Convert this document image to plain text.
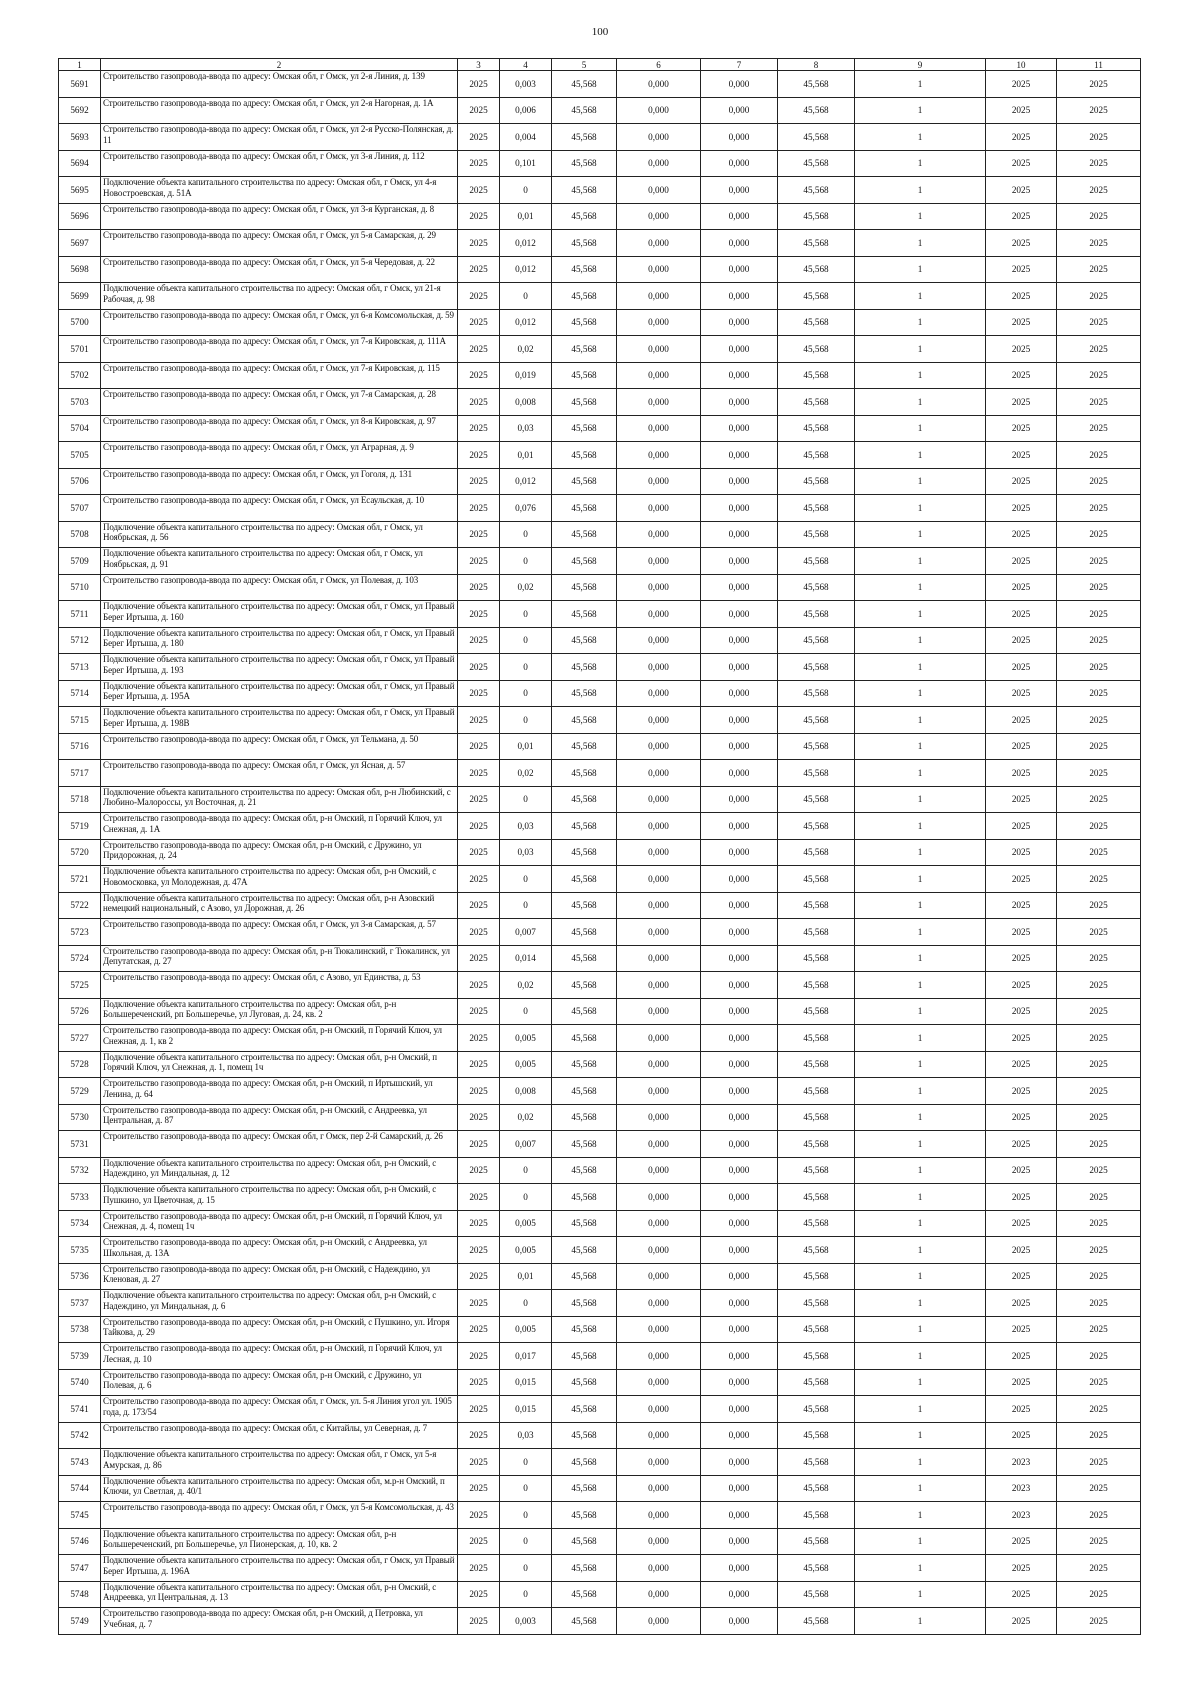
100
1	2	3	4	5	6	7	8	9	10	11
5691	Строительство газопровода-ввода по адресу: Омская обл, г Омск, ул 2-я Линия, д. 139	2025	0,003	45,568	0,000	0,000	45,568	1	2025	2025
5692	Строительство газопровода-ввода по адресу: Омская обл, г Омск, ул 2-я Нагорная, д. 1А	2025	0,006	45,568	0,000	0,000	45,568	1	2025	2025
5693	Строительство газопровода-ввода по адресу: Омская обл, г Омск, ул 2-я Русско-Полянская, д. 11	2025	0,004	45,568	0,000	0,000	45,568	1	2025	2025
5694	Строительство газопровода-ввода по адресу: Омская обл, г Омск, ул 3-я Линия, д. 112	2025	0,101	45,568	0,000	0,000	45,568	1	2025	2025
5695	Подключение объекта капитального строительства по адресу: Омская обл, г Омск, ул 4-я Новостроевская, д. 51А	2025	0	45,568	0,000	0,000	45,568	1	2025	2025
5696	Строительство газопровода-ввода по адресу: Омская обл, г Омск, ул 3-я Курганская, д. 8	2025	0,01	45,568	0,000	0,000	45,568	1	2025	2025
5697	Строительство газопровода-ввода по адресу: Омская обл, г Омск, ул 5-я Самарская, д. 29	2025	0,012	45,568	0,000	0,000	45,568	1	2025	2025
5698	Строительство газопровода-ввода по адресу: Омская обл, г Омск, ул 5-я Чередовая, д. 22	2025	0,012	45,568	0,000	0,000	45,568	1	2025	2025
5699	Подключение объекта капитального строительства по адресу: Омская обл, г Омск, ул 21-я Рабочая, д. 98	2025	0	45,568	0,000	0,000	45,568	1	2025	2025
5700	Строительство газопровода-ввода по адресу: Омская обл, г Омск, ул 6-я Комсомольская, д. 59	2025	0,012	45,568	0,000	0,000	45,568	1	2025	2025
5701	Строительство газопровода-ввода по адресу: Омская обл, г Омск, ул 7-я Кировская, д. 111А	2025	0,02	45,568	0,000	0,000	45,568	1	2025	2025
5702	Строительство газопровода-ввода по адресу: Омская обл, г Омск, ул 7-я Кировская, д. 115	2025	0,019	45,568	0,000	0,000	45,568	1	2025	2025
5703	Строительство газопровода-ввода по адресу: Омская обл, г Омск, ул 7-я Самарская, д. 28	2025	0,008	45,568	0,000	0,000	45,568	1	2025	2025
5704	Строительство газопровода-ввода по адресу: Омская обл, г Омск, ул 8-я Кировская, д. 97	2025	0,03	45,568	0,000	0,000	45,568	1	2025	2025
5705	Строительство газопровода-ввода по адресу: Омская обл, г Омск, ул Аграрная, д. 9	2025	0,01	45,568	0,000	0,000	45,568	1	2025	2025
5706	Строительство газопровода-ввода по адресу: Омская обл, г Омск, ул Гоголя, д. 131	2025	0,012	45,568	0,000	0,000	45,568	1	2025	2025
5707	Строительство газопровода-ввода по адресу: Омская обл, г Омск, ул Есаульская, д. 10	2025	0,076	45,568	0,000	0,000	45,568	1	2025	2025
5708	Подключение объекта капитального строительства по адресу: Омская обл, г Омск, ул Ноябрьская, д. 56	2025	0	45,568	0,000	0,000	45,568	1	2025	2025
5709	Подключение объекта капитального строительства по адресу: Омская обл, г Омск, ул Ноябрьская, д. 91	2025	0	45,568	0,000	0,000	45,568	1	2025	2025
5710	Строительство газопровода-ввода по адресу: Омская обл, г Омск, ул Полевая, д. 103	2025	0,02	45,568	0,000	0,000	45,568	1	2025	2025
5711	Подключение объекта капитального строительства по адресу: Омская обл, г Омск, ул Правый Берег Иртыша, д. 160	2025	0	45,568	0,000	0,000	45,568	1	2025	2025
5712	Подключение объекта капитального строительства по адресу: Омская обл, г Омск, ул Правый Берег Иртыша, д. 180	2025	0	45,568	0,000	0,000	45,568	1	2025	2025
5713	Подключение объекта капитального строительства по адресу: Омская обл, г Омск, ул Правый Берег Иртыша, д. 193	2025	0	45,568	0,000	0,000	45,568	1	2025	2025
5714	Подключение объекта капитального строительства по адресу: Омская обл, г Омск, ул Правый Берег Иртыша, д. 195А	2025	0	45,568	0,000	0,000	45,568	1	2025	2025
5715	Подключение объекта капитального строительства по адресу: Омская обл, г Омск, ул Правый Берег Иртыша, д. 198В	2025	0	45,568	0,000	0,000	45,568	1	2025	2025
5716	Строительство газопровода-ввода по адресу: Омская обл, г Омск, ул Тельмана, д. 50	2025	0,01	45,568	0,000	0,000	45,568	1	2025	2025
5717	Строительство газопровода-ввода по адресу: Омская обл, г Омск, ул Ясная, д. 57	2025	0,02	45,568	0,000	0,000	45,568	1	2025	2025
5718	Подключение объекта капитального строительства по адресу: Омская обл, р-н Любинский, с Любино-Малороссы, ул Восточная, д. 21	2025	0	45,568	0,000	0,000	45,568	1	2025	2025
5719	Строительство газопровода-ввода по адресу: Омская обл, р-н Омский, п Горячий Ключ, ул Снежная, д. 1А	2025	0,03	45,568	0,000	0,000	45,568	1	2025	2025
5720	Строительство газопровода-ввода по адресу: Омская обл, р-н Омский, с Дружино, ул Придорожная, д. 24	2025	0,03	45,568	0,000	0,000	45,568	1	2025	2025
5721	Подключение объекта капитального строительства по адресу: Омская обл, р-н Омский, с Новомосковка, ул Молодежная, д. 47А	2025	0	45,568	0,000	0,000	45,568	1	2025	2025
5722	Подключение объекта капитального строительства по адресу: Омская обл, р-н Азовский немецкий национальный, с Азово, ул Дорожная, д. 26	2025	0	45,568	0,000	0,000	45,568	1	2025	2025
5723	Строительство газопровода-ввода по адресу: Омская обл, г Омск, ул 3-я Самарская, д. 57	2025	0,007	45,568	0,000	0,000	45,568	1	2025	2025
5724	Строительство газопровода-ввода по адресу: Омская обл, р-н Тюкалинский, г Тюкалинск, ул Депутатская, д. 27	2025	0,014	45,568	0,000	0,000	45,568	1	2025	2025
5725	Строительство газопровода-ввода по адресу: Омская обл, с Азово, ул Единства, д. 53	2025	0,02	45,568	0,000	0,000	45,568	1	2025	2025
5726	Подключение объекта капитального строительства по адресу: Омская обл, р-н Большереченский, рп Большеречье, ул Луговая, д. 24, кв. 2	2025	0	45,568	0,000	0,000	45,568	1	2025	2025
5727	Строительство газопровода-ввода по адресу: Омская обл, р-н Омский, п Горячий Ключ, ул Снежная, д. 1, кв 2	2025	0,005	45,568	0,000	0,000	45,568	1	2025	2025
5728	Подключение объекта капитального строительства по адресу: Омская обл, р-н Омский, п Горячий Ключ, ул Снежная, д. 1, помещ 1ч	2025	0,005	45,568	0,000	0,000	45,568	1	2025	2025
5729	Строительство газопровода-ввода по адресу: Омская обл, р-н Омский, п Иртышский, ул Ленина, д. 64	2025	0,008	45,568	0,000	0,000	45,568	1	2025	2025
5730	Строительство газопровода-ввода по адресу: Омская обл, р-н Омский, с Андреевка, ул Центральная, д. 87	2025	0,02	45,568	0,000	0,000	45,568	1	2025	2025
5731	Строительство газопровода-ввода по адресу: Омская обл, г Омск, пер 2-й Самарский, д. 26	2025	0,007	45,568	0,000	0,000	45,568	1	2025	2025
5732	Подключение объекта капитального строительства по адресу: Омская обл, р-н Омский, с Надеждино, ул Миндальная, д. 12	2025	0	45,568	0,000	0,000	45,568	1	2025	2025
5733	Подключение объекта капитального строительства по адресу: Омская обл, р-н Омский, с Пушкино, ул Цветочная, д. 15	2025	0	45,568	0,000	0,000	45,568	1	2025	2025
5734	Строительство газопровода-ввода по адресу: Омская обл, р-н Омский, п Горячий Ключ, ул Снежная, д. 4, помещ 1ч	2025	0,005	45,568	0,000	0,000	45,568	1	2025	2025
5735	Строительство газопровода-ввода по адресу: Омская обл, р-н Омский, с Андреевка, ул Школьная, д. 13А	2025	0,005	45,568	0,000	0,000	45,568	1	2025	2025
5736	Строительство газопровода-ввода по адресу: Омская обл, р-н Омский, с Надеждино, ул Кленовая, д. 27	2025	0,01	45,568	0,000	0,000	45,568	1	2025	2025
5737	Подключение объекта капитального строительства по адресу: Омская обл, р-н Омский, с Надеждино, ул Миндальная, д. 6	2025	0	45,568	0,000	0,000	45,568	1	2025	2025
5738	Строительство газопровода-ввода по адресу: Омская обл, р-н Омский, с Пушкино, ул. Игоря Тайкова, д. 29	2025	0,005	45,568	0,000	0,000	45,568	1	2025	2025
5739	Строительство газопровода-ввода по адресу: Омская обл, р-н Омский, п Горячий Ключ, ул Лесная, д. 10	2025	0,017	45,568	0,000	0,000	45,568	1	2025	2025
5740	Строительство газопровода-ввода по адресу: Омская обл, р-н Омский, с Дружино, ул Полевая, д. 6	2025	0,015	45,568	0,000	0,000	45,568	1	2025	2025
5741	Строительство газопровода-ввода по адресу: Омская обл, г Омск, ул. 5-я Линия угол ул. 1905 года, д. 173/54	2025	0,015	45,568	0,000	0,000	45,568	1	2025	2025
5742	Строительство газопровода-ввода по адресу: Омская обл, с Китайлы, ул Северная, д. 7	2025	0,03	45,568	0,000	0,000	45,568	1	2025	2025
5743	Подключение объекта капитального строительства по адресу: Омская обл, г Омск, ул 5-я Амурская, д. 86	2025	0	45,568	0,000	0,000	45,568	1	2023	2025
5744	Подключение объекта капитального строительства по адресу: Омская обл, м.р-н Омский, п Ключи, ул Светлая, д. 40/1	2025	0	45,568	0,000	0,000	45,568	1	2023	2025
5745	Строительство газопровода-ввода по адресу: Омская обл, г Омск, ул 5-я Комсомольская, д. 43	2025	0	45,568	0,000	0,000	45,568	1	2023	2025
5746	Подключение объекта капитального строительства по адресу: Омская обл, р-н Большереченский, рп Большеречье, ул Пионерская, д. 10, кв. 2	2025	0	45,568	0,000	0,000	45,568	1	2025	2025
5747	Подключение объекта капитального строительства по адресу: Омская обл, г Омск, ул Правый Берег Иртыша, д. 196А	2025	0	45,568	0,000	0,000	45,568	1	2025	2025
5748	Подключение объекта капитального строительства по адресу: Омская обл, р-н Омский, с Андреевка, ул Центральная, д. 13	2025	0	45,568	0,000	0,000	45,568	1	2025	2025
5749	Строительство газопровода-ввода по адресу: Омская обл, р-н Омский, д Петровка, ул Учебная, д. 7	2025	0,003	45,568	0,000	0,000	45,568	1	2025	2025
